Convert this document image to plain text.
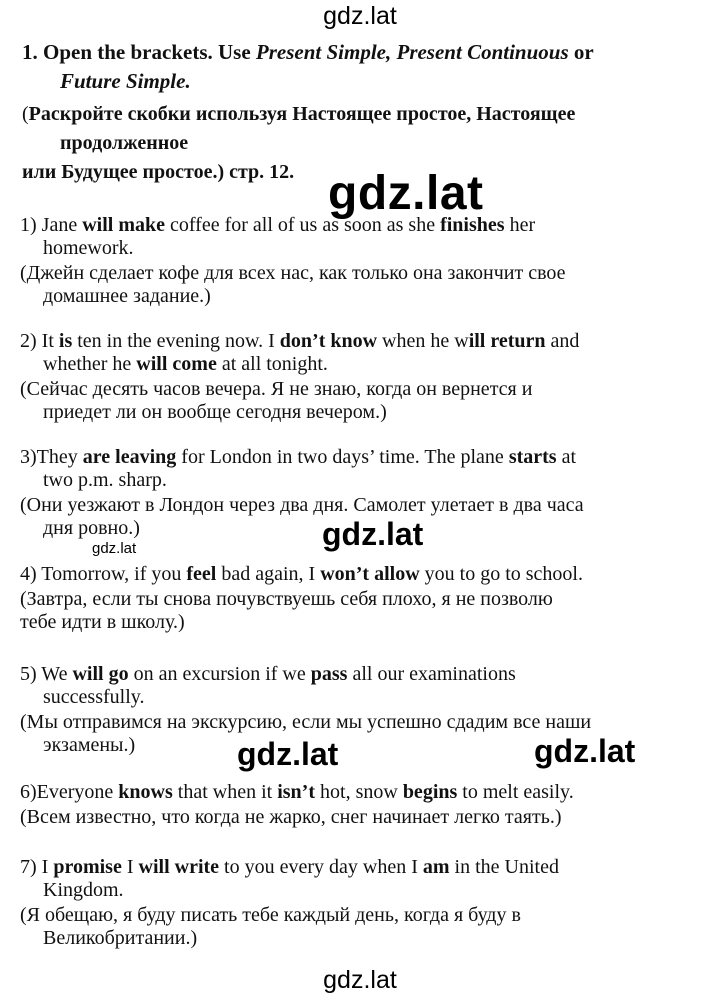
gdz.lat
gdz.lat
gdz.lat
gdz.lat
gdz.lat	gdz.lat
gdz.lat
1. Open the brackets. Use Present Simple, Present Continuous or
Future Simple.
(Раскройте скобки используя Настоящее простое, Настоящее
продолженное
или Будущее простое.) стр. 12.
1) Jane will make coffee for all of us as soon as she finishes her
homework.
(Джейн сделает кофе для всех нас, как только она закончит свое
домашнее задание.)
2) It is ten in the evening now. I don’t know when he will return and
whether he will come at all tonight.
(Сейчас десять часов вечера. Я не знаю, когда он вернется и
приедет ли он вообще сегодня вечером.)
3)They are leaving for London in two days’ time. The plane starts at
two p.m. sharp.
(Они уезжают в Лондон через два дня. Самолет улетает в два часа
дня ровно.)
4) Tomorrow, if you feel bad again, I won’t allow you to go to school.
(Завтра, если ты снова почувствуешь себя плохо, я не позволю
тебе идти в школу.)
5) We will go on an excursion if we pass all our examinations
successfully.
(Мы отправимся на экскурсию, если мы успешно сдадим все наши
экзамены.)
6)Everyone knows that when it isn’t hot, snow begins to melt easily.
(Всем известно, что когда не жарко, снег начинает легко таять.)
7) I promise I will write to you every day when I am in the United
Kingdom.
(Я обещаю, я буду писать тебе каждый день, когда я буду в
Великобритании.)
